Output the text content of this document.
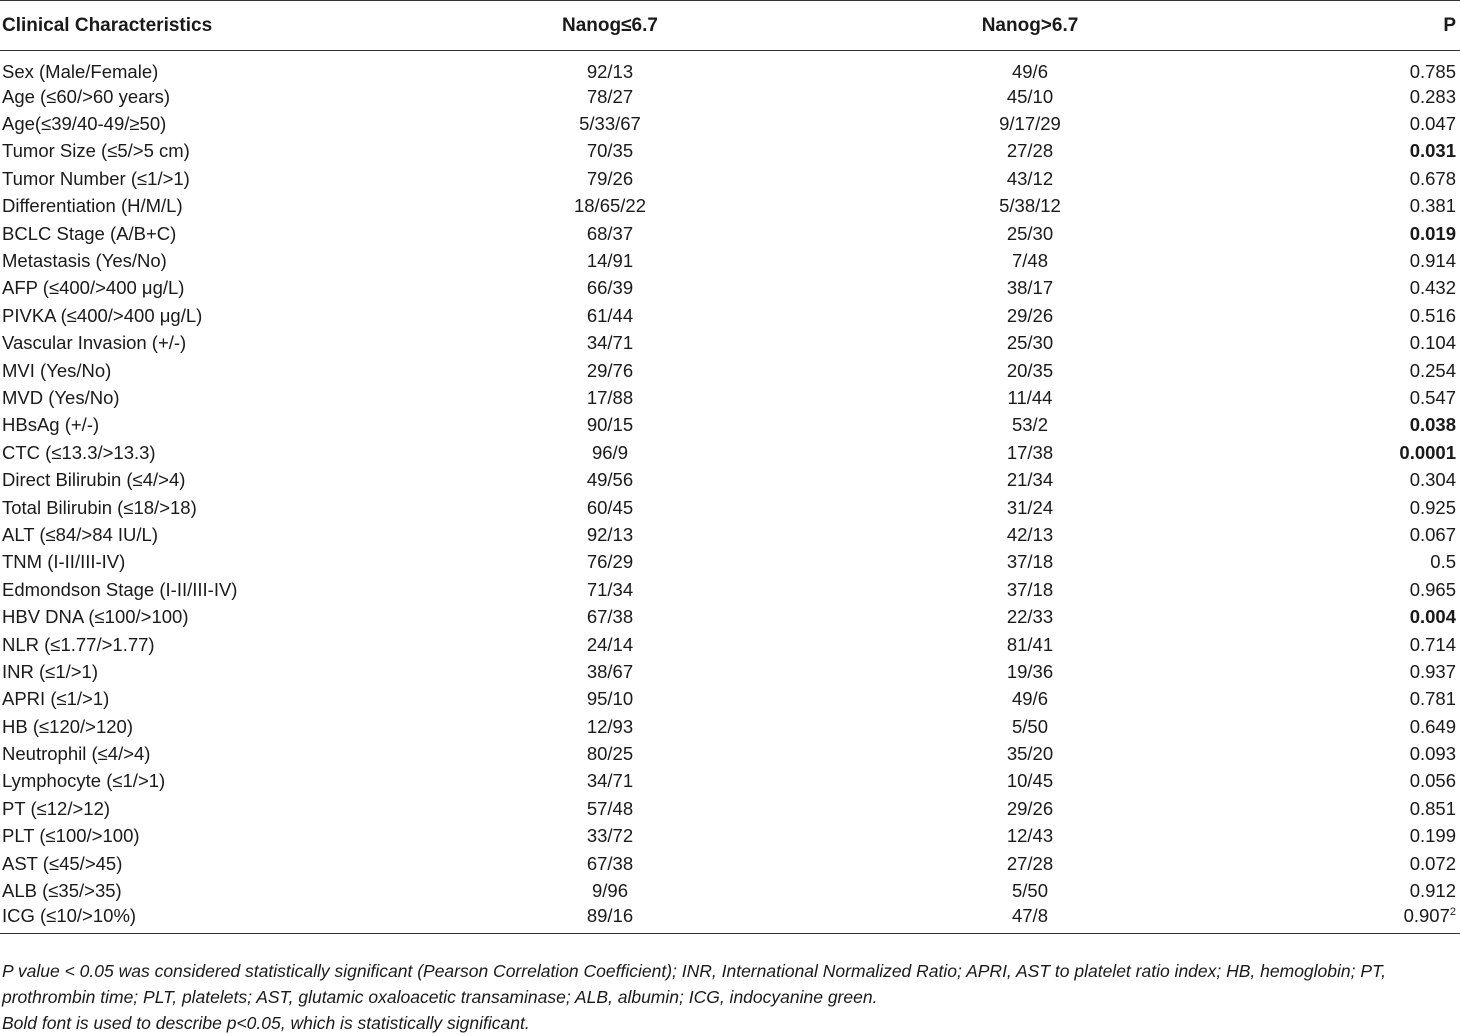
Clinical Characteristics	Nanog≤6.7	Nanog>6.7	P
Sex (Male/Female)	92/13	49/6	0.785
Age (≤60/>60 years)	78/27	45/10	0.283
Age(≤39/40-49/≥50)	5/33/67	9/17/29	0.047
Tumor Size (≤5/>5 cm)	70/35	27/28	0.031
Tumor Number (≤1/>1)	79/26	43/12	0.678
Differentiation (H/M/L)	18/65/22	5/38/12	0.381
BCLC Stage (A/B+C)	68/37	25/30	0.019
Metastasis (Yes/No)	14/91	7/48	0.914
AFP (≤400/>400 μg/L)	66/39	38/17	0.432
PIVKA (≤400/>400 μg/L)	61/44	29/26	0.516
Vascular Invasion (+/-)	34/71	25/30	0.104
MVI (Yes/No)	29/76	20/35	0.254
MVD (Yes/No)	17/88	11/44	0.547
HBsAg (+/-)	90/15	53/2	0.038
CTC (≤13.3/>13.3)	96/9	17/38	0.0001
Direct Bilirubin (≤4/>4)	49/56	21/34	0.304
Total Bilirubin (≤18/>18)	60/45	31/24	0.925
ALT (≤84/>84 IU/L)	92/13	42/13	0.067
TNM (I-II/III-IV)	76/29	37/18	0.5
Edmondson Stage (I-II/III-IV)	71/34	37/18	0.965
HBV DNA (≤100/>100)	67/38	22/33	0.004
NLR (≤1.77/>1.77)	24/14	81/41	0.714
INR (≤1/>1)	38/67	19/36	0.937
APRI (≤1/>1)	95/10	49/6	0.781
HB (≤120/>120)	12/93	5/50	0.649
Neutrophil (≤4/>4)	80/25	35/20	0.093
Lymphocyte (≤1/>1)	34/71	10/45	0.056
PT (≤12/>12)	57/48	29/26	0.851
PLT (≤100/>100)	33/72	12/43	0.199
AST (≤45/>45)	67/38	27/28	0.072
ALB (≤35/>35)	9/96	5/50	0.912
ICG (≤10/>10%)	89/16	47/8	0.907$^2$

P value < 0.05 was considered statistically significant (Pearson Correlation Coefficient); INR, International Normalized Ratio; APRI, AST to platelet ratio index; HB, hemoglobin; PT, prothrombin time; PLT, platelets; AST, glutamic oxaloacetic transaminase; ALB, albumin; ICG, indocyanine green.

Bold font is used to describe p<0.05, which is statistically significant.
